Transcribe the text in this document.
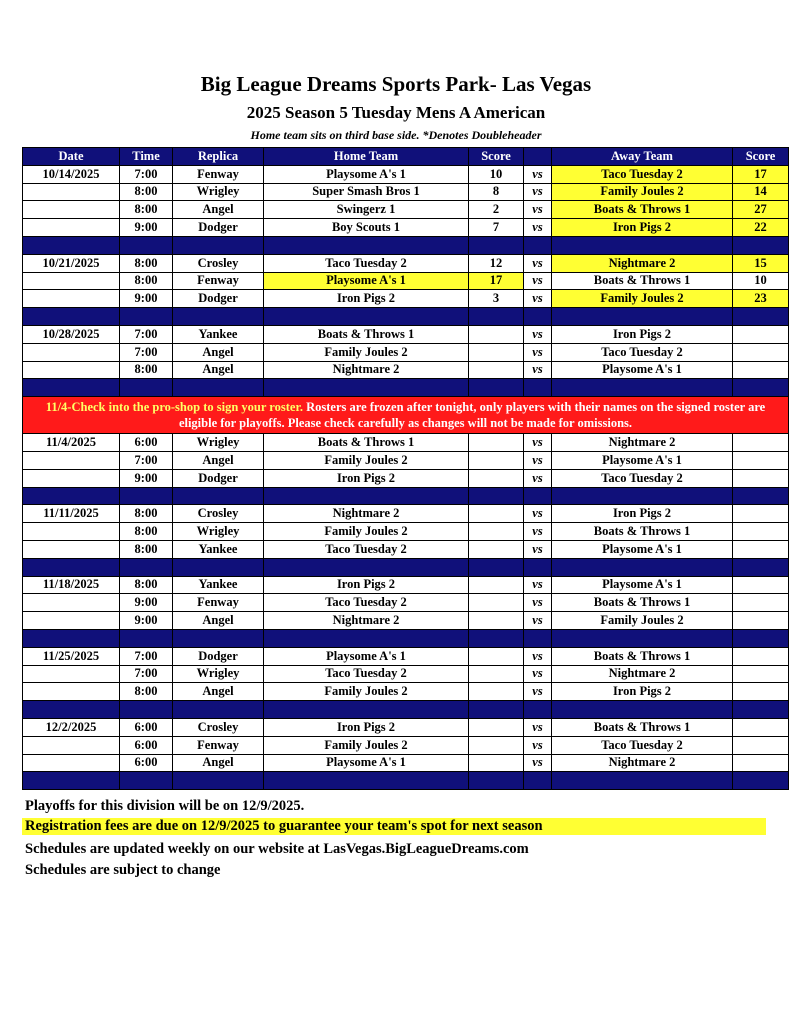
Big League Dreams Sports Park- Las Vegas
2025 Season 5 Tuesday Mens A American
Home team sits on third base side. *Denotes Doubleheader
Date	Time	Replica	Home Team	Score		Away Team	Score
10/14/2025	7:00	Fenway	Playsome A's 1	10	vs	Taco Tuesday 2	17
	8:00	Wrigley	Super Smash Bros 1	8	vs	Family Joules 2	14
	8:00	Angel	Swingerz 1	2	vs	Boats & Throws 1	27
	9:00	Dodger	Boy Scouts 1	7	vs	Iron Pigs 2	22

10/21/2025	8:00	Crosley	Taco Tuesday 2	12	vs	Nightmare 2	15
	8:00	Fenway	Playsome A's 1	17	vs	Boats & Throws 1	10
	9:00	Dodger	Iron Pigs 2	3	vs	Family Joules 2	23

10/28/2025	7:00	Yankee	Boats & Throws 1		vs	Iron Pigs 2	
	7:00	Angel	Family Joules 2		vs	Taco Tuesday 2	
	8:00	Angel	Nightmare 2		vs	Playsome A's 1	

11/4-Check into the pro-shop to sign your roster. Rosters are frozen after tonight, only players with their names on the signed roster are eligible for playoffs. Please check carefully as changes will not be made for omissions.							
11/4/2025	6:00	Wrigley	Boats & Throws 1		vs	Nightmare 2	
	7:00	Angel	Family Joules 2		vs	Playsome A's 1	
	9:00	Dodger	Iron Pigs 2		vs	Taco Tuesday 2	

11/11/2025	8:00	Crosley	Nightmare 2		vs	Iron Pigs 2	
	8:00	Wrigley	Family Joules 2		vs	Boats & Throws 1	
	8:00	Yankee	Taco Tuesday 2		vs	Playsome A's 1	

11/18/2025	8:00	Yankee	Iron Pigs 2		vs	Playsome A's 1	
	9:00	Fenway	Taco Tuesday 2		vs	Boats & Throws 1	
	9:00	Angel	Nightmare 2		vs	Family Joules 2	

11/25/2025	7:00	Dodger	Playsome A's 1		vs	Boats & Throws 1	
	7:00	Wrigley	Taco Tuesday 2		vs	Nightmare 2	
	8:00	Angel	Family Joules 2		vs	Iron Pigs 2	

12/2/2025	6:00	Crosley	Iron Pigs 2		vs	Boats & Throws 1	
	6:00	Fenway	Family Joules 2		vs	Taco Tuesday 2	
	6:00	Angel	Playsome A's 1		vs	Nightmare 2	

Playoffs for this division will be on 12/9/2025.
Registration fees are due on 12/9/2025 to guarantee your team's spot for next season
Schedules are updated weekly on our website at LasVegas.BigLeagueDreams.com
Schedules are subject to change
